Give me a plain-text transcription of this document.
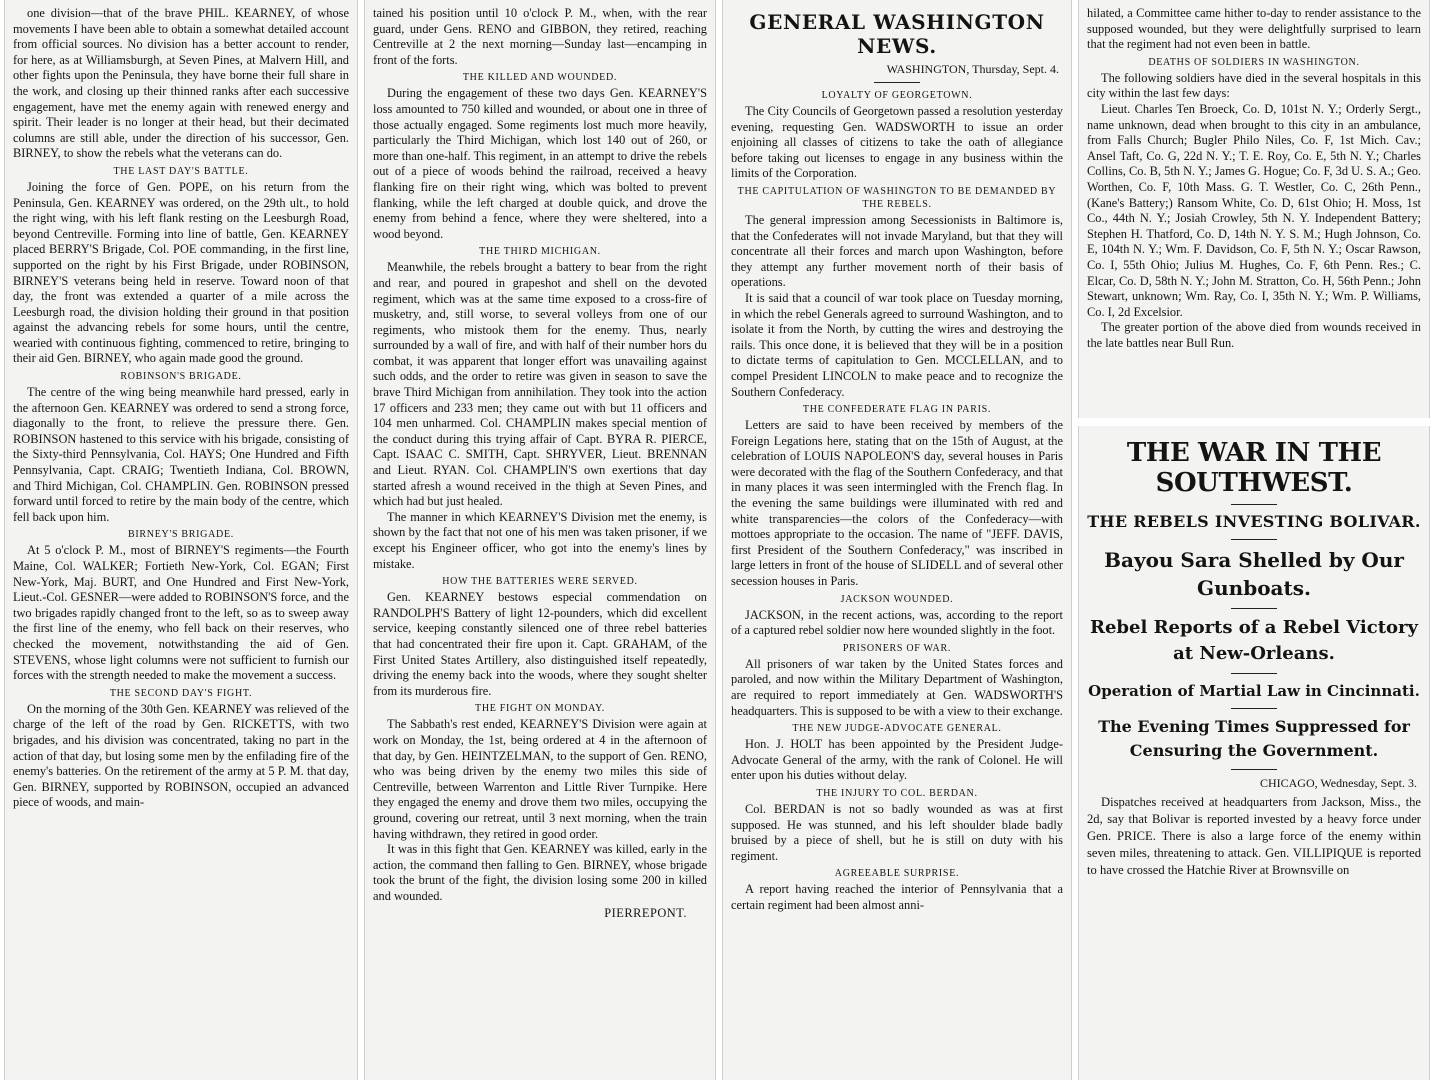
one division—that of the brave PHIL. KEARNEY, of whose movements I have been able to obtain a somewhat detailed account from official sources. No division has a better account to render, for here, as at Williamsburgh, at Seven Pines, at Malvern Hill, and other fights upon the Peninsula, they have borne their full share in the work, and closing up their thinned ranks after each successive engagement, have met the enemy again with renewed energy and spirit. Their leader is no longer at their head, but their decimated columns are still able, under the direction of his successor, Gen. BIRNEY, to show the rebels what the veterans can do.

THE LAST DAY'S BATTLE.

Joining the force of Gen. POPE, on his return from the Peninsula, Gen. KEARNEY was ordered, on the 29th ult., to hold the right wing, with his left flank resting on the Leesburgh Road, beyond Centreville. Forming into line of battle, Gen. KEARNEY placed BERRY'S Brigade, Col. POE commanding, in the first line, supported on the right by his First Brigade, under ROBINSON, BIRNEY'S veterans being held in reserve. Toward noon of that day, the front was extended a quarter of a mile across the Leesburgh road, the division holding their ground in that position against the advancing rebels for some hours, until the centre, wearied with continuous fighting, commenced to retire, bringing to their aid Gen. BIRNEY, who again made good the ground.

ROBINSON'S BRIGADE.

The centre of the wing being meanwhile hard pressed, early in the afternoon Gen. KEARNEY was ordered to send a strong force, diagonally to the front, to relieve the pressure there. Gen. ROBINSON hastened to this service with his brigade, consisting of the Sixty-third Pennsylvania, Col. HAYS; One Hundred and Fifth Pennsylvania, Capt. CRAIG; Twentieth Indiana, Col. BROWN, and Third Michigan, Col. CHAMPLIN. Gen. ROBINSON pressed forward until forced to retire by the main body of the centre, which fell back upon him.

BIRNEY'S BRIGADE.

At 5 o'clock P. M., most of BIRNEY'S regiments—the Fourth Maine, Col. WALKER; Fortieth New-York, Col. EGAN; First New-York, Maj. BURT, and One Hundred and First New-York, Lieut.-Col. GESNER—were added to ROBINSON'S force, and the two brigades rapidly changed front to the left, so as to sweep away the first line of the enemy, who fell back on their reserves, who checked the movement, notwithstanding the aid of Gen. STEVENS, whose light columns were not sufficient to furnish our forces with the strength needed to make the movement a success.

THE SECOND DAY'S FIGHT.

On the morning of the 30th Gen. KEARNEY was relieved of the charge of the left of the road by Gen. RICKETTS, with two brigades, and his division was concentrated, taking no part in the action of that day, but losing some men by the enfilading fire of the enemy's batteries. On the retirement of the army at 5 P. M. that day, Gen. BIRNEY, supported by ROBINSON, occupied an advanced piece of woods, and main-

tained his position until 10 o'clock P. M., when, with the rear guard, under Gens. RENO and GIBBON, they retired, reaching Centreville at 2 the next morning—Sunday last—encamping in front of the forts.

THE KILLED AND WOUNDED.

During the engagement of these two days Gen. KEARNEY'S loss amounted to 750 killed and wounded, or about one in three of those actually engaged. Some regiments lost much more heavily, particularly the Third Michigan, which lost 140 out of 260, or more than one-half. This regiment, in an attempt to drive the rebels out of a piece of woods behind the railroad, received a heavy flanking fire on their right wing, which was bolted to prevent flanking, while the left charged at double quick, and drove the enemy from behind a fence, where they were sheltered, into a wood beyond.

THE THIRD MICHIGAN.

Meanwhile, the rebels brought a battery to bear from the right and rear, and poured in grapeshot and shell on the devoted regiment, which was at the same time exposed to a cross-fire of musketry, and, still worse, to several volleys from one of our regiments, who mistook them for the enemy. Thus, nearly surrounded by a wall of fire, and with half of their number hors du combat, it was apparent that longer effort was unavailing against such odds, and the order to retire was given in season to save the brave Third Michigan from annihilation. They took into the action 17 officers and 233 men; they came out with but 11 officers and 104 men unharmed. Col. CHAMPLIN makes special mention of the conduct during this trying affair of Capt. BYRA R. PIERCE, Capt. ISAAC C. SMITH, Capt. SHRYVER, Lieut. BRENNAN and Lieut. RYAN. Col. CHAMPLIN'S own exertions that day started afresh a wound received in the thigh at Seven Pines, and which had but just healed.

The manner in which KEARNEY'S Division met the enemy, is shown by the fact that not one of his men was taken prisoner, if we except his Engineer officer, who got into the enemy's lines by mistake.

HOW THE BATTERIES WERE SERVED.

Gen. KEARNEY bestows especial commendation on RANDOLPH'S Battery of light 12-pounders, which did excellent service, keeping constantly silenced one of three rebel batteries that had concentrated their fire upon it. Capt. GRAHAM, of the First United States Artillery, also distinguished itself repeatedly, driving the enemy back into the woods, where they sought shelter from its murderous fire.

THE FIGHT ON MONDAY.

The Sabbath's rest ended, KEARNEY'S Division were again at work on Monday, the 1st, being ordered at 4 in the afternoon of that day, by Gen. HEINTZELMAN, to the support of Gen. RENO, who was being driven by the enemy two miles this side of Centreville, between Warrenton and Little River Turnpike. Here they engaged the enemy and drove them two miles, occupying the ground, covering our retreat, until 3 next morning, when the train having withdrawn, they retired in good order.

It was in this fight that Gen. KEARNEY was killed, early in the action, the command then falling to Gen. BIRNEY, whose brigade took the brunt of the fight, the division losing some 200 in killed and wounded.

PIERREPONT.
GENERAL WASHINGTON NEWS.
WASHINGTON, Thursday, Sept. 4.
LOYALTY OF GEORGETOWN.

The City Councils of Georgetown passed a resolution yesterday evening, requesting Gen. WADSWORTH to issue an order enjoining all classes of citizens to take the oath of allegiance before taking out licenses to engage in any business within the limits of the Corporation.

THE CAPITULATION OF WASHINGTON TO BE DEMANDED BY THE REBELS.

The general impression among Secessionists in Baltimore is, that the Confederates will not invade Maryland, but that they will concentrate all their forces and march upon Washington, before they attempt any further movement north of their basis of operations.

It is said that a council of war took place on Tuesday morning, in which the rebel Generals agreed to surround Washington, and to isolate it from the North, by cutting the wires and destroying the rails. This once done, it is believed that they will be in a position to dictate terms of capitulation to Gen. MCCLELLAN, and to compel President LINCOLN to make peace and to recognize the Southern Confederacy.

THE CONFEDERATE FLAG IN PARIS.

Letters are said to have been received by members of the Foreign Legations here, stating that on the 15th of August, at the celebration of LOUIS NAPOLEON'S day, several houses in Paris were decorated with the flag of the Southern Confederacy, and that in many places it was seen intermingled with the French flag. In the evening the same buildings were illuminated with red and white transparencies—the colors of the Confederacy—with mottoes appropriate to the occasion. The name of "JEFF. DAVIS, first President of the Southern Confederacy," was inscribed in large letters in front of the house of SLIDELL and of several other secession houses in Paris.

JACKSON WOUNDED.

JACKSON, in the recent actions, was, according to the report of a captured rebel soldier now here wounded slightly in the foot.

PRISONERS OF WAR.

All prisoners of war taken by the United States forces and paroled, and now within the Military Department of Washington, are required to report immediately at Gen. WADSWORTH'S headquarters. This is supposed to be with a view to their exchange.

THE NEW JUDGE-ADVOCATE GENERAL.

Hon. J. HOLT has been appointed by the President Judge-Advocate General of the army, with the rank of Colonel. He will enter upon his duties without delay.

THE INJURY TO COL. BERDAN.

Col. BERDAN is not so badly wounded as was at first supposed. He was stunned, and his left shoulder blade badly bruised by a piece of shell, but he is still on duty with his regiment.

AGREEABLE SURPRISE.

A report having reached the interior of Pennsylvania that a certain regiment had been almost anni-

hilated, a Committee came hither to-day to render assistance to the supposed wounded, but they were delightfully surprised to learn that the regiment had not even been in battle.

DEATHS OF SOLDIERS IN WASHINGTON.

The following soldiers have died in the several hospitals in this city within the last few days:

Lieut. Charles Ten Broeck, Co. D, 101st N. Y.; Orderly Sergt., name unknown, dead when brought to this city in an ambulance, from Falls Church; Bugler Philo Niles, Co. F, 1st Mich. Cav.; Ansel Taft, Co. G, 22d N. Y.; T. E. Roy, Co. E, 5th N. Y.; Charles Collins, Co. B, 5th N. Y.; James G. Hogue; Co. F, 3d U. S. A.; Geo. Worthen, Co. F, 10th Mass. G. T. Westler, Co. C, 26th Penn., (Kane's Battery;) Ransom White, Co. D, 61st Ohio; H. Moss, 1st Co., 44th N. Y.; Josiah Crowley, 5th N. Y. Independent Battery; Stephen H. Thatford, Co. D, 14th N. Y. S. M.; Hugh Johnson, Co. E, 104th N. Y.; Wm. F. Davidson, Co. F, 5th N. Y.; Oscar Rawson, Co. I, 55th Ohio; Julius M. Hughes, Co. F, 6th Penn. Res.; C. Elcar, Co. D, 58th N. Y.; John M. Stratton, Co. H, 56th Penn.; John Stewart, unknown; Wm. Ray, Co. I, 35th N. Y.; Wm. P. Williams, Co. I, 2d Excelsior.

The greater portion of the above died from wounds received in the late battles near Bull Run.

THE WAR IN THE SOUTHWEST.
THE REBELS INVESTING BOLIVAR.
Bayou Sara Shelled by Our Gunboats.
Rebel Reports of a Rebel Victory at New-Orleans.
Operation of Martial Law in Cincinnati.
The Evening Times Suppressed for Censuring the Government.
CHICAGO, Wednesday, Sept. 3.

Dispatches received at headquarters from Jackson, Miss., the 2d, say that Bolivar is reported invested by a heavy force under Gen. PRICE. There is also a large force of the enemy within seven miles, threatening to attack. Gen. VILLIPIQUE is reported to have crossed the Hatchie River at Brownsville on
